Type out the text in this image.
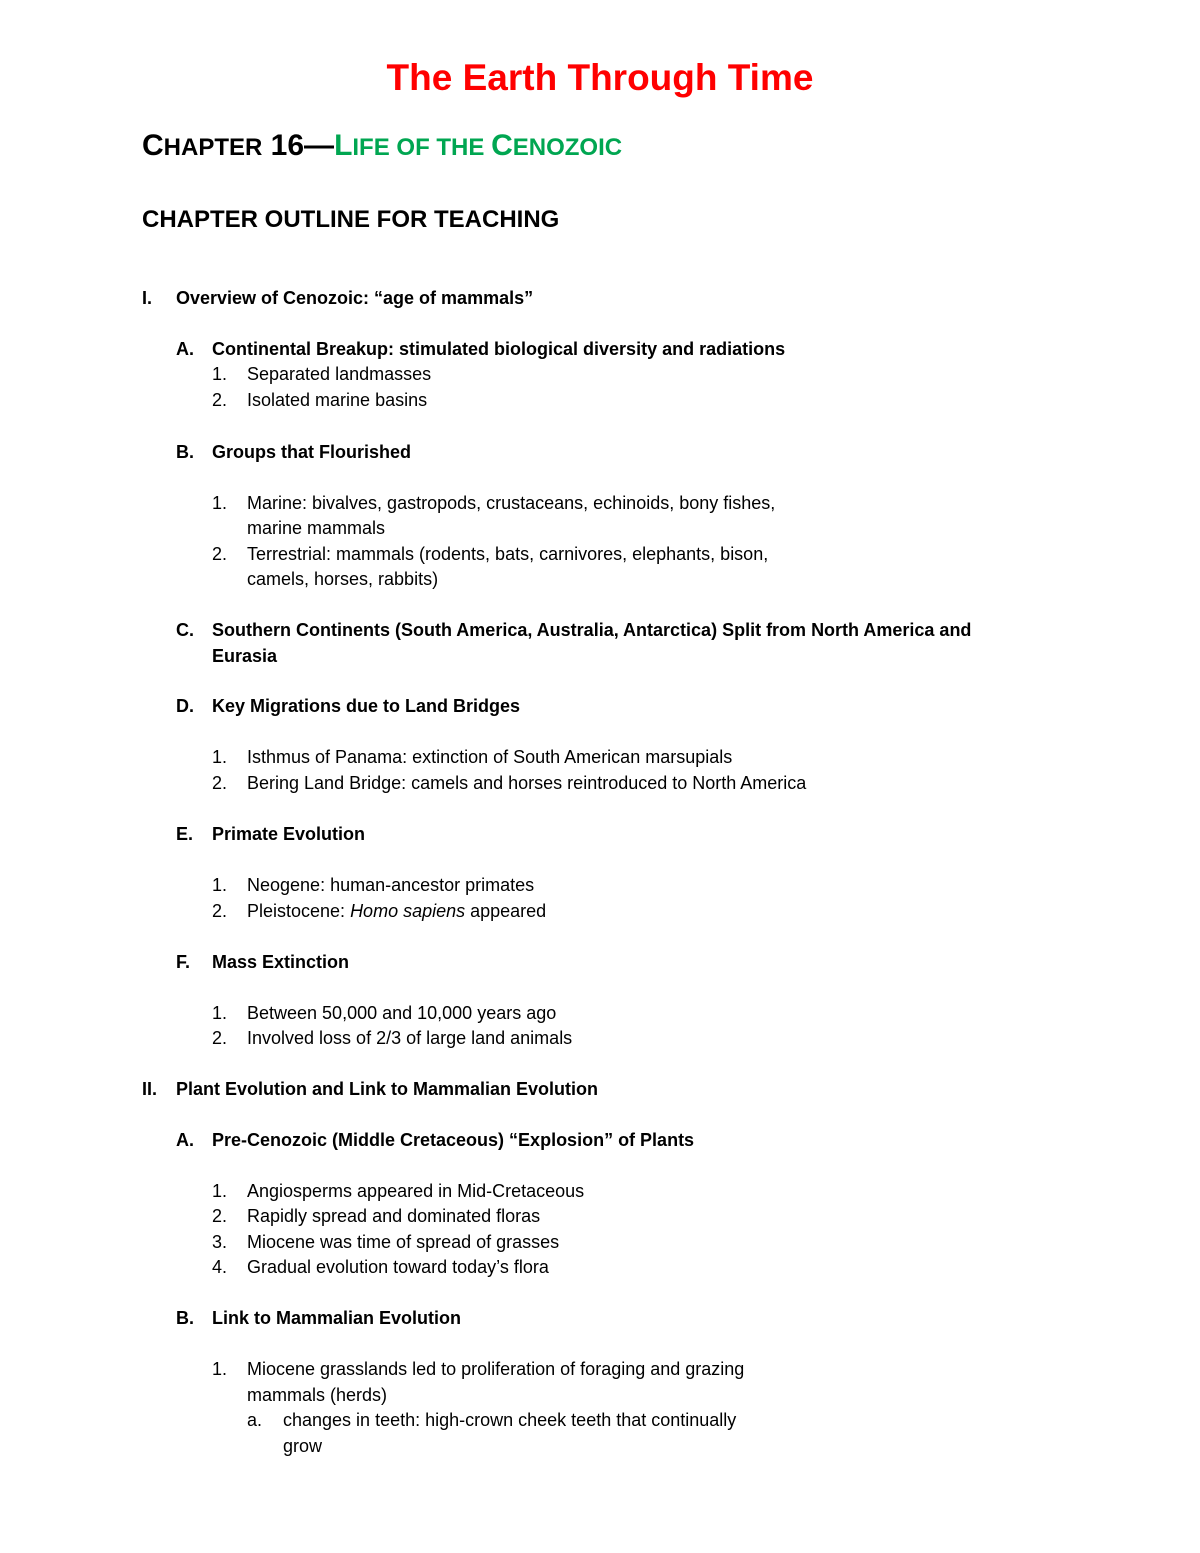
The Earth Through Time
CHAPTER 16—LIFE OF THE CENOZOIC
CHAPTER OUTLINE FOR TEACHING
I. Overview of Cenozoic: “age of mammals”
A. Continental Breakup: stimulated biological diversity and radiations
1. Separated landmasses
2. Isolated marine basins
B. Groups that Flourished
1. Marine: bivalves, gastropods, crustaceans, echinoids, bony fishes,
marine mammals
2. Terrestrial: mammals (rodents, bats, carnivores, elephants, bison,
camels, horses, rabbits)
C. Southern Continents (South America, Australia, Antarctica) Split from North America and
Eurasia
D. Key Migrations due to Land Bridges
1. Isthmus of Panama: extinction of South American marsupials
2. Bering Land Bridge: camels and horses reintroduced to North America
E. Primate Evolution
1. Neogene: human-ancestor primates
2. Pleistocene: Homo sapiens appeared
F. Mass Extinction
1. Between 50,000 and 10,000 years ago
2. Involved loss of 2/3 of large land animals
II. Plant Evolution and Link to Mammalian Evolution
A. Pre-Cenozoic (Middle Cretaceous) “Explosion” of Plants
1. Angiosperms appeared in Mid-Cretaceous
2. Rapidly spread and dominated floras
3. Miocene was time of spread of grasses
4. Gradual evolution toward today’s flora
B. Link to Mammalian Evolution
1. Miocene grasslands led to proliferation of foraging and grazing
mammals (herds)
a. changes in teeth: high-crown cheek teeth that continually
grow
